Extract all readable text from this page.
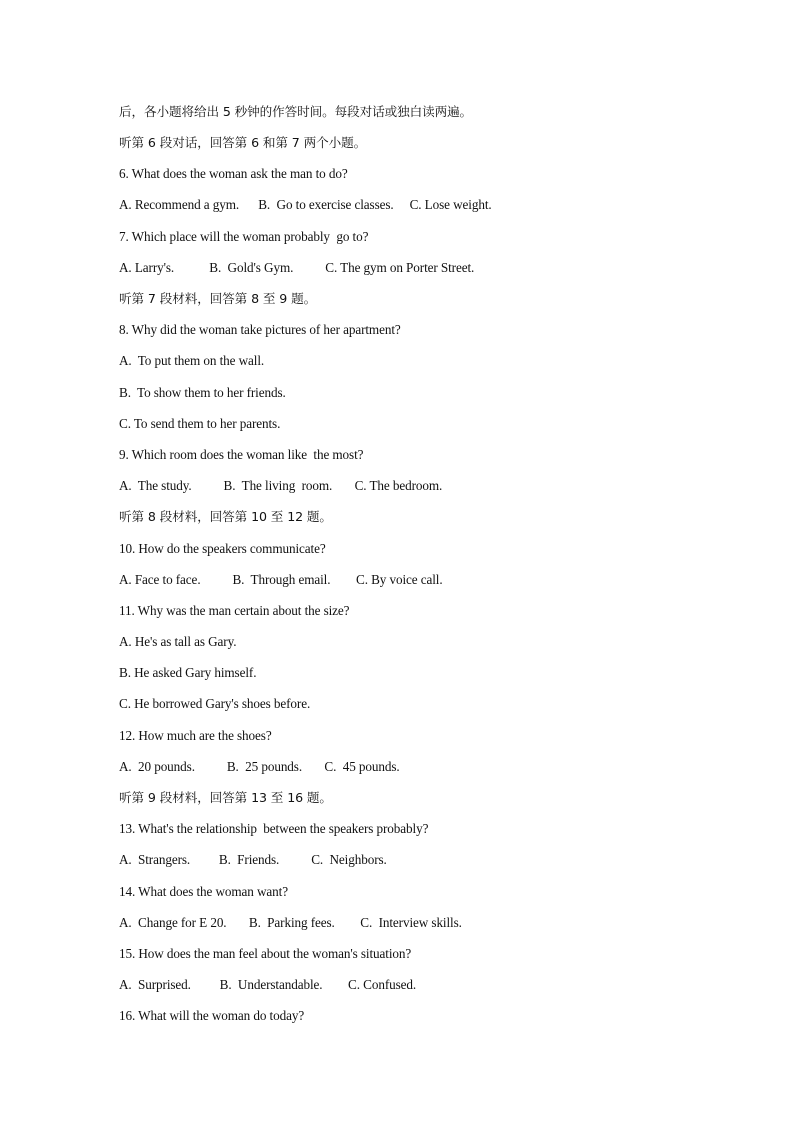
后，各小题将给出 5 秒钟的作答时间。每段对话或独白读两遍。
听第 6 段对话，回答第 6 和第 7 两个小题。
6. What does the woman ask the man to do?
A. Recommend a gym.      B.  Go to exercise classes.     C. Lose weight.
7. Which place will the woman probably  go to?
A. Larry's.           B.  Gold's Gym.          C. The gym on Porter Street.
听第 7 段材料，回答第 8 至 9 题。
8. Why did the woman take pictures of her apartment?
A.  To put them on the wall.
B.  To show them to her friends.
C. To send them to her parents.
9. Which room does the woman like  the most?
A.  The study.          B.  The living  room.       C. The bedroom.
听第 8 段材料，回答第 10 至 12 题。
10. How do the speakers communicate?
A. Face to face.          B.  Through email.        C. By voice call.
11. Why was the man certain about the size?
A. He's as tall as Gary.
B. He asked Gary himself.
C. He borrowed Gary's shoes before.
12. How much are the shoes?
A.  20 pounds.          B.  25 pounds.       C.  45 pounds.
听第 9 段材料，回答第 13 至 16 题。
13. What's the relationship  between the speakers probably?
A.  Strangers.         B.  Friends.          C.  Neighbors.
14. What does the woman want?
A.  Change for E 20.       B.  Parking fees.        C.  Interview skills.
15. How does the man feel about the woman's situation?
A.  Surprised.         B.  Understandable.        C. Confused.
16. What will the woman do today?
